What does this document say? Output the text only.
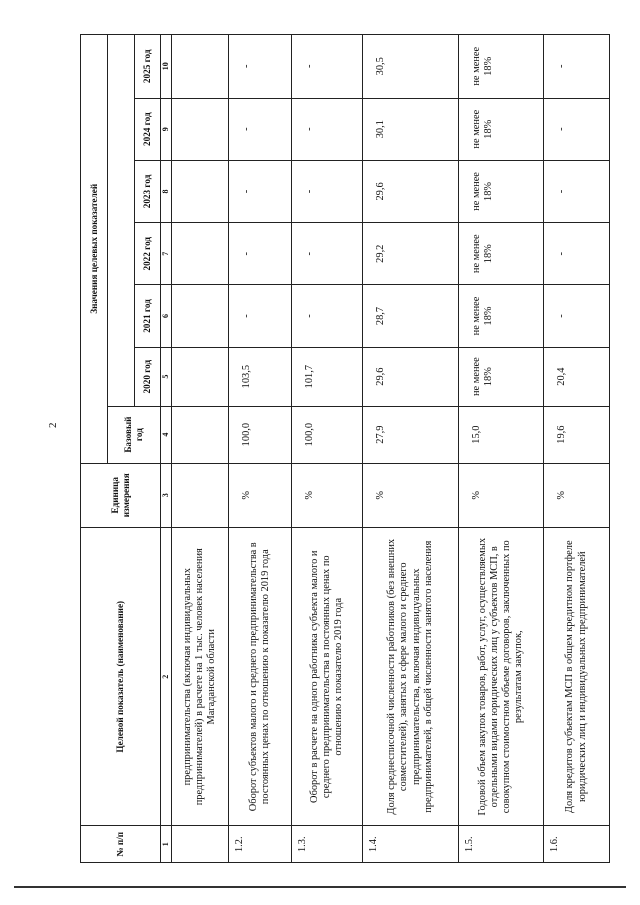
2
№ п/п	Целевой показатель (наименование)	Единица измерения	Значения целевых показателей						
			Базовый год						
				2020 год	2021 год	2022 год	2023 год	2024 год	2025 год
1	2	3	4	5	6	7	8	9	10
	предпринимательства (включая индивидуальных предпринимателей) в расчете на 1 тыс. человек населения Магаданской области								
1.2.	Оборот субъектов малого и среднего предпринимательства в постоянных ценах по отношению к показателю 2019 года	%	100,0	103,5	-	-	-	-	-
1.3.	Оборот в расчете на одного работника субъекта малого и среднего предпринимательства в постоянных ценах по отношению к показателю 2019 года	%	100,0	101,7	-	-	-	-	-
1.4.	Доля среднесписочной численности работников (без внешних совместителей), занятых в сфере малого и среднего предпринимательства, включая индивидуальных предпринимателей, в общей численности занятого населения	%	27,9	29,6	28,7	29,2	29,6	30,1	30,5
1.5.	Годовой объем закупок товаров, работ, услуг, осуществляемых отдельными видами юридических лиц у субъектов МСП, в совокупном стоимостном объеме договоров, заключенных по результатам закупок,	%	15,0	не менее 18%	не менее 18%	не менее 18%	не менее 18%	не менее 18%	не менее 18%
1.6.	Доля кредитов субъектам МСП в общем кредитном портфеле юридических лиц и индивидуальных предпринимателей	%	19,6	20,4	-	-	-	-	-
